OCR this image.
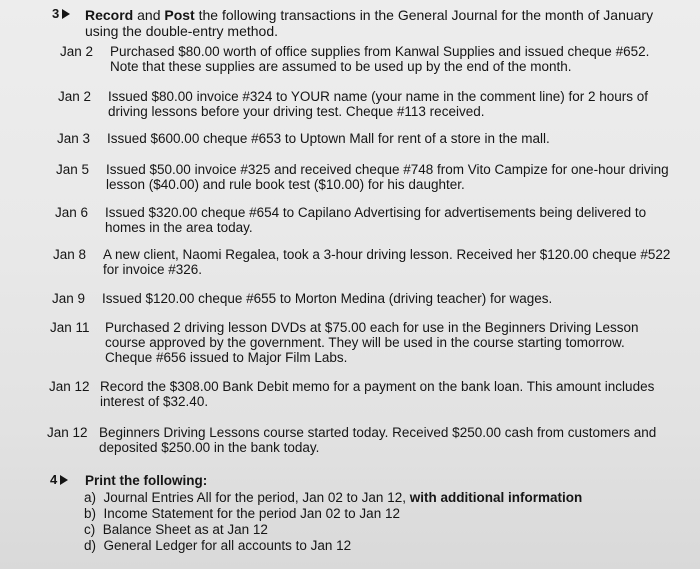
3	Record and Post the following transactions in the General Journal for the month of January using the double-entry method.
Jan 2 Purchased $80.00 worth of office supplies from Kanwal Supplies and issued cheque #652. Note that these supplies are assumed to be used up by the end of the month.
Jan 2 Issued $80.00 invoice #324 to YOUR name (your name in the comment line) for 2 hours of driving lessons before your driving test. Cheque #113 received.
Jan 3 Issued $600.00 cheque #653 to Uptown Mall for rent of a store in the mall.
Jan 5 Issued $50.00 invoice #325 and received cheque #748 from Vito Campize for one-hour driving lesson ($40.00) and rule book test ($10.00) for his daughter.
Jan 6 Issued $320.00 cheque #654 to Capilano Advertising for advertisements being delivered to homes in the area today.
Jan 8 A new client, Naomi Regalea, took a 3-hour driving lesson. Received her $120.00 cheque #522 for invoice #326.
Jan 9 Issued $120.00 cheque #655 to Morton Medina (driving teacher) for wages.
Jan 11 Purchased 2 driving lesson DVDs at $75.00 each for use in the Beginners Driving Lesson course approved by the government. They will be used in the course starting tomorrow. Cheque #656 issued to Major Film Labs.
Jan 12 Record the $308.00 Bank Debit memo for a payment on the bank loan. This amount includes interest of $32.40.
Jan 12 Beginners Driving Lessons course started today. Received $250.00 cash from customers and deposited $250.00 in the bank today.
4	Print the following:
a) Journal Entries All for the period, Jan 02 to Jan 12, with additional information
b) Income Statement for the period Jan 02 to Jan 12
c) Balance Sheet as at Jan 12
d) General Ledger for all accounts to Jan 12
